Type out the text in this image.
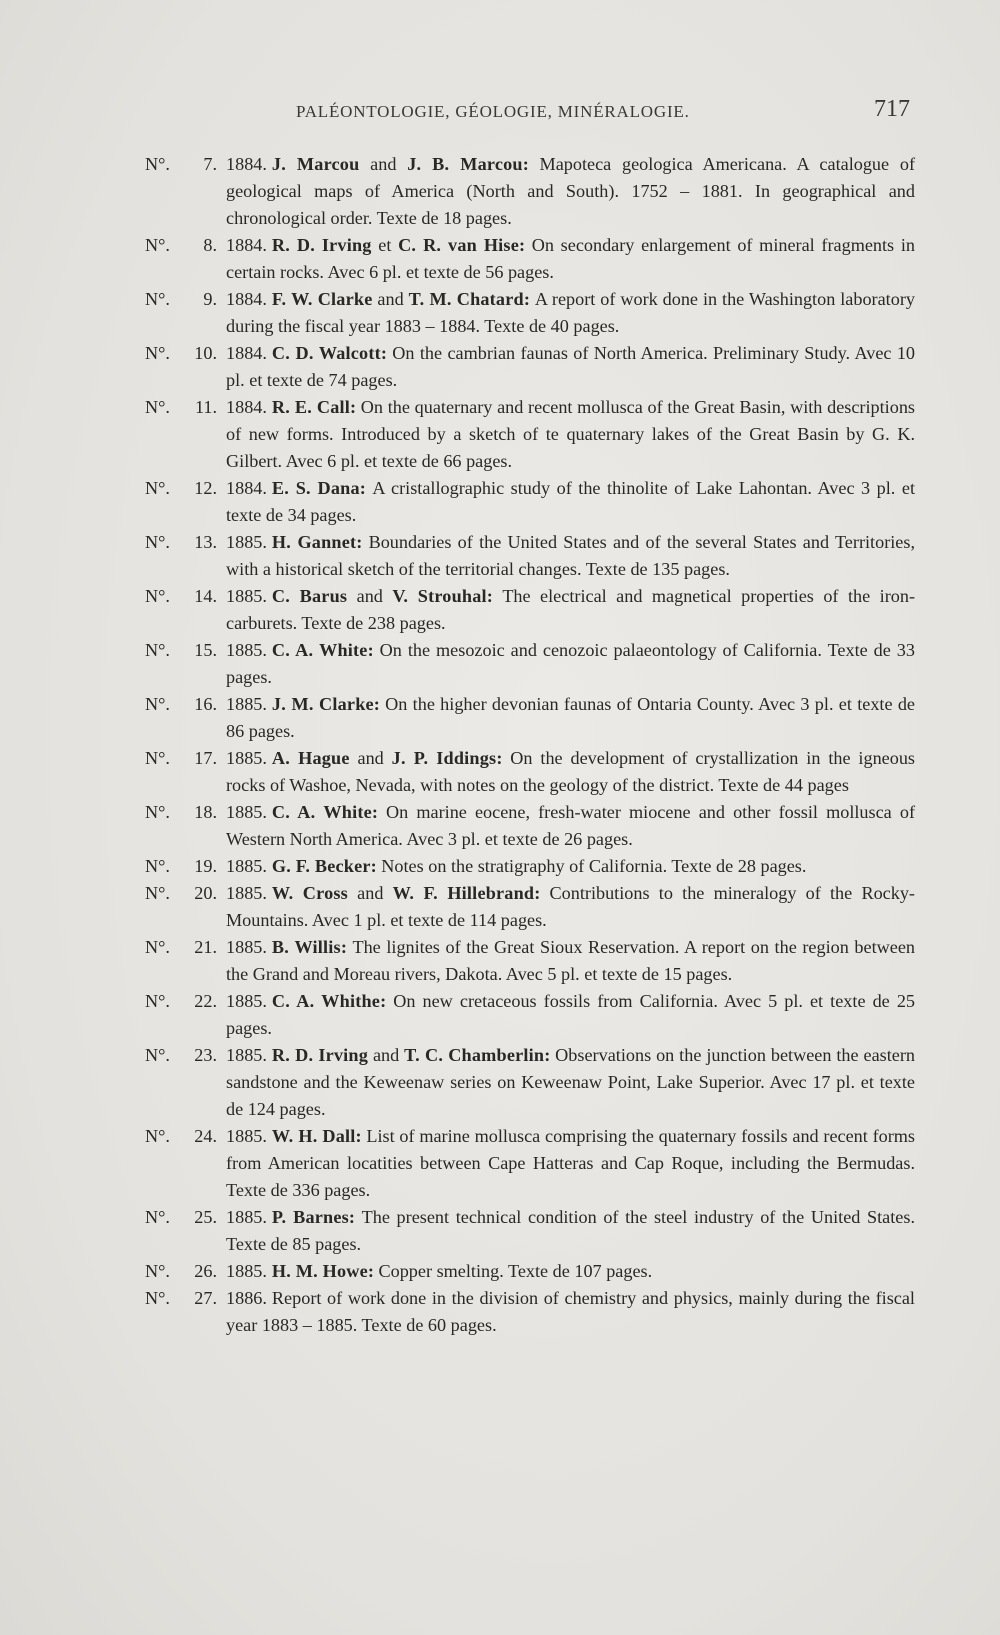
PALÉONTOLOGIE, GÉOLOGIE, MINÉRALOGIE.	717
N°. 7. 1884. J. Marcou and J. B. Marcou: Mapoteca geologica Americana. A catalogue of geological maps of America (North and South). 1752 – 1881. In geographical and chronological order. Texte de 18 pages.
N°. 8. 1884. R. D. Irving et C. R. van Hise: On secondary enlargement of mineral fragments in certain rocks. Avec 6 pl. et texte de 56 pages.
N°. 9. 1884. F. W. Clarke and T. M. Chatard: A report of work done in the Washington laboratory during the fiscal year 1883 – 1884. Texte de 40 pages.
N°. 10. 1884. C. D. Walcott: On the cambrian faunas of North America. Preliminary Study. Avec 10 pl. et texte de 74 pages.
N°. 11. 1884. R. E. Call: On the quaternary and recent mollusca of the Great Basin, with descriptions of new forms. Introduced by a sketch of te quaternary lakes of the Great Basin by G. K. Gilbert. Avec 6 pl. et texte de 66 pages.
N°. 12. 1884. E. S. Dana: A cristallographic study of the thinolite of Lake Lahontan. Avec 3 pl. et texte de 34 pages.
N°. 13. 1885. H. Gannet: Boundaries of the United States and of the several States and Territories, with a historical sketch of the territorial changes. Texte de 135 pages.
N°. 14. 1885. C. Barus and V. Strouhal: The electrical and magnetical properties of the iron-carburets. Texte de 238 pages.
N°. 15. 1885. C. A. White: On the mesozoic and cenozoic palaeontology of California. Texte de 33 pages.
N°. 16. 1885. J. M. Clarke: On the higher devonian faunas of Ontaria County. Avec 3 pl. et texte de 86 pages.
N°. 17. 1885. A. Hague and J. P. Iddings: On the development of crystallization in the igneous rocks of Washoe, Nevada, with notes on the geology of the district. Texte de 44 pages
N°. 18. 1885. C. A. White: On marine eocene, fresh-water miocene and other fossil mollusca of Western North America. Avec 3 pl. et texte de 26 pages.
N°. 19. 1885. G. F. Becker: Notes on the stratigraphy of California. Texte de 28 pages.
N°. 20. 1885. W. Cross and W. F. Hillebrand: Contributions to the mineralogy of the Rocky-Mountains. Avec 1 pl. et texte de 114 pages.
N°. 21. 1885. B. Willis: The lignites of the Great Sioux Reservation. A report on the region between the Grand and Moreau rivers, Dakota. Avec 5 pl. et texte de 15 pages.
N°. 22. 1885. C. A. Whithe: On new cretaceous fossils from California. Avec 5 pl. et texte de 25 pages.
N°. 23. 1885. R. D. Irving and T. C. Chamberlin: Observations on the junction between the eastern sandstone and the Keweenaw series on Keweenaw Point, Lake Superior. Avec 17 pl. et texte de 124 pages.
N°. 24. 1885. W. H. Dall: List of marine mollusca comprising the quaternary fossils and recent forms from American locatities between Cape Hatteras and Cap Roque, including the Bermudas. Texte de 336 pages.
N°. 25. 1885. P. Barnes: The present technical condition of the steel industry of the United States. Texte de 85 pages.
N°. 26. 1885. H. M. Howe: Copper smelting. Texte de 107 pages.
N°. 27. 1886. Report of work done in the division of chemistry and physics, mainly during the fiscal year 1883 – 1885. Texte de 60 pages.
